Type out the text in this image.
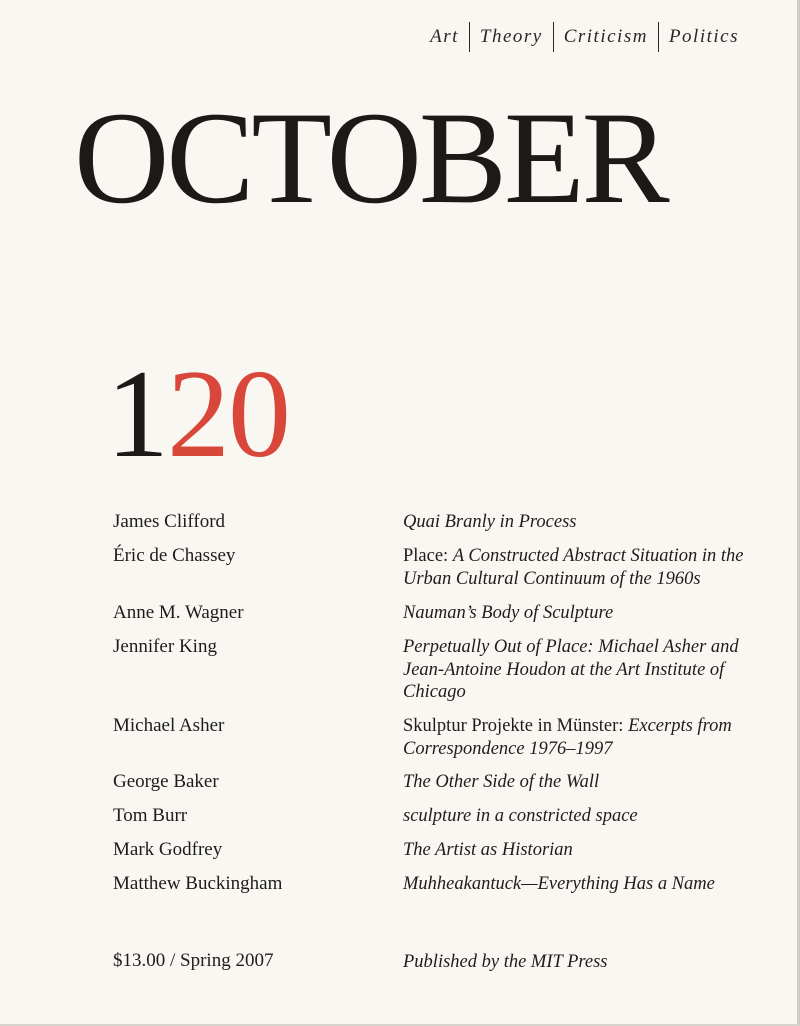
Art	Theory	Criticism	Politics
OCTOBER
120
James Clifford	Quai Branly in Process
Éric de Chassey	Place: A Constructed Abstract Situation in the Urban Cultural Continuum of the 1960s
Anne M. Wagner	Nauman’s Body of Sculpture
Jennifer King	Perpetually Out of Place: Michael Asher and Jean-Antoine Houdon at the Art Institute of Chicago
Michael Asher	Skulptur Projekte in Münster: Excerpts from Correspondence 1976–1997
George Baker	The Other Side of the Wall
Tom Burr	sculpture in a constricted space
Mark Godfrey	The Artist as Historian
Matthew Buckingham	Muhheakantuck—Everything Has a Name
$13.00 / Spring 2007	Published by the MIT Press
